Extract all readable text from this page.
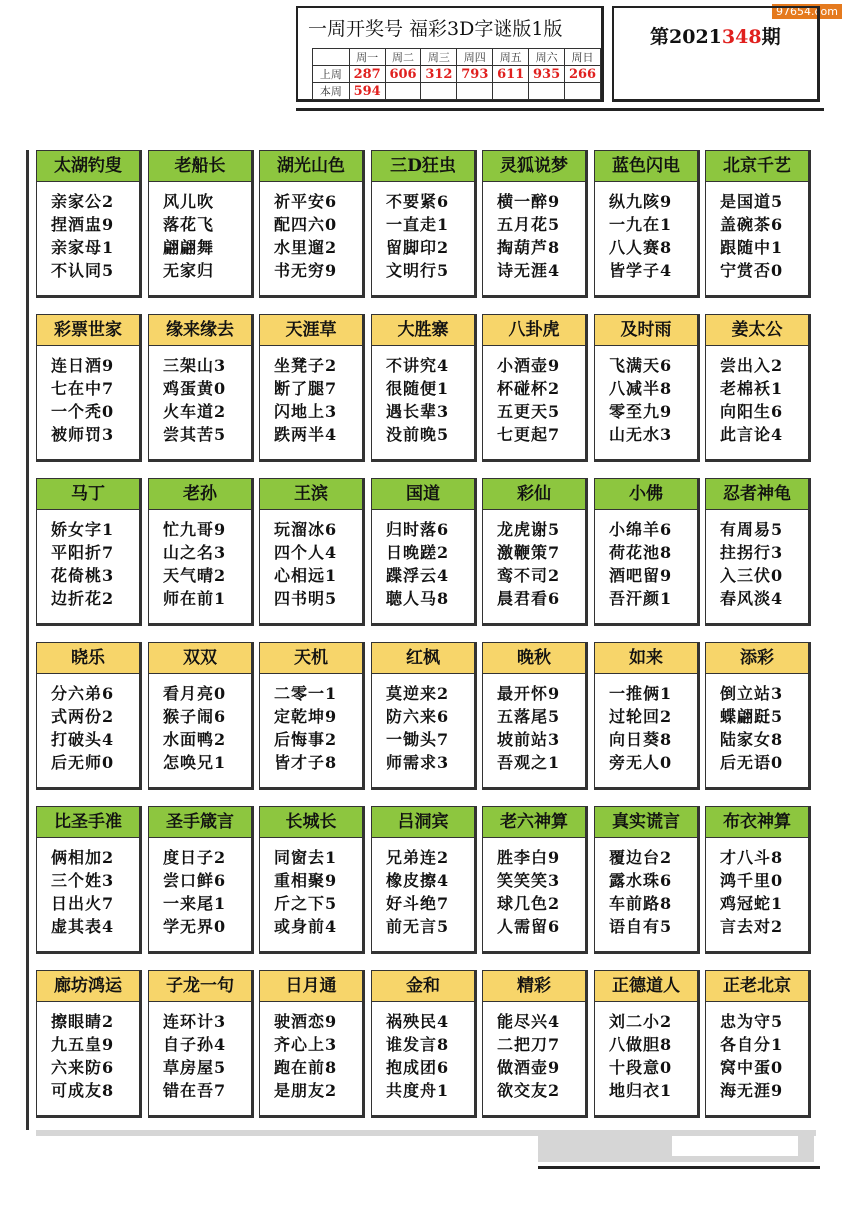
97654.com
一周开奖号 福彩3D字谜版1版
	周一	周二	周三	周四	周五	周六	周日
上周	287	606	312	793	611	935	266
本周	594						
第2021348期
太湖钓叟
亲家公2
捏酒盅9
亲家母1
不认同5
老船长
风儿吹
落花飞
翩翩舞
无家归
湖光山色
祈平安6
配四六0
水里遛2
书无穷9
三D狂虫
不要紧6
一直走1
留脚印2
文明行5
灵狐说梦
横一醉9
五月花5
掏葫芦8
诗无涯4
蓝色闪电
纵九陔9
一九在1
八人赛8
皆学子4
北京千艺
是国道5
盖碗茶6
跟随中1
宁赏否0
彩票世家
连日酒9
七在中7
一个秃0
被师罚3
缘来缘去
三架山3
鸡蛋黄0
火车道2
尝其苦5
天涯草
坐凳子2
断了腿7
闪地上3
跌两半4
大胜寨
不讲究4
很随便1
遇长辈3
没前晚5
八卦虎
小酒壶9
杯碰杯2
五更天5
七更起7
及时雨
飞满天6
八减半8
零至九9
山无水3
姜太公
尝出入2
老棉袄1
向阳生6
此言论4
马丁
娇女字1
平阳折7
花倚桃3
边折花2
老孙
忙九哥9
山之名3
天气晴2
师在前1
王滨
玩溜冰6
四个人4
心相远1
四书明5
国道
归时落6
日晚蹉2
蹀浮云4
聴人马8
彩仙
龙虎谢5
激鞭策7
鸾不司2
晨君看6
小佛
小绵羊6
荷花池8
酒吧留9
吾汗颜1
忍者神龟
有周易5
拄拐行3
入三伏0
春风淡4
晓乐
分六弟6
式两份2
打破头4
后无师0
双双
看月亮0
猴子闹6
水面鸭2
怎唤兄1
天机
二零一1
定乾坤9
后悔事2
皆才子8
红枫
莫逆来2
防六来6
一锄头7
师需求3
晚秋
最开怀9
五落尾5
坡前站3
吾观之1
如来
一推俩1
过轮回2
向日葵8
旁无人0
添彩
倒立站3
蝶翩跹5
陆家女8
后无语0
比圣手准
俩相加2
三个姓3
日出火7
虚其表4
圣手箴言
度日子2
尝口鲜6
一来尾1
学无界0
长城长
同窗去1
重相聚9
斤之下5
或身前4
吕洞宾
兄弟连2
橡皮擦4
好斗绝7
前无言5
老六神算
胜李白9
笑笑笑3
球几色2
人需留6
真实谎言
覆边台2
露水珠6
车前路8
语自有5
布衣神算
才八斗8
鸿千里0
鸡冠蛇1
言去对2
廊坊鸿运
擦眼睛2
九五皇9
六来防6
可成友8
子龙一句
连环计3
自子孙4
草房屋5
错在吾7
日月通
驶酒恋9
齐心上3
跑在前8
是朋友2
金和
祸殃民4
谁发言8
抱成团6
共度舟1
精彩
能尽兴4
二把刀7
做酒壶9
欲交友2
正德道人
刘二小2
八做胆8
十段意0
地归衣1
正老北京
忠为守5
各自分1
窝中蛋0
海无涯9
